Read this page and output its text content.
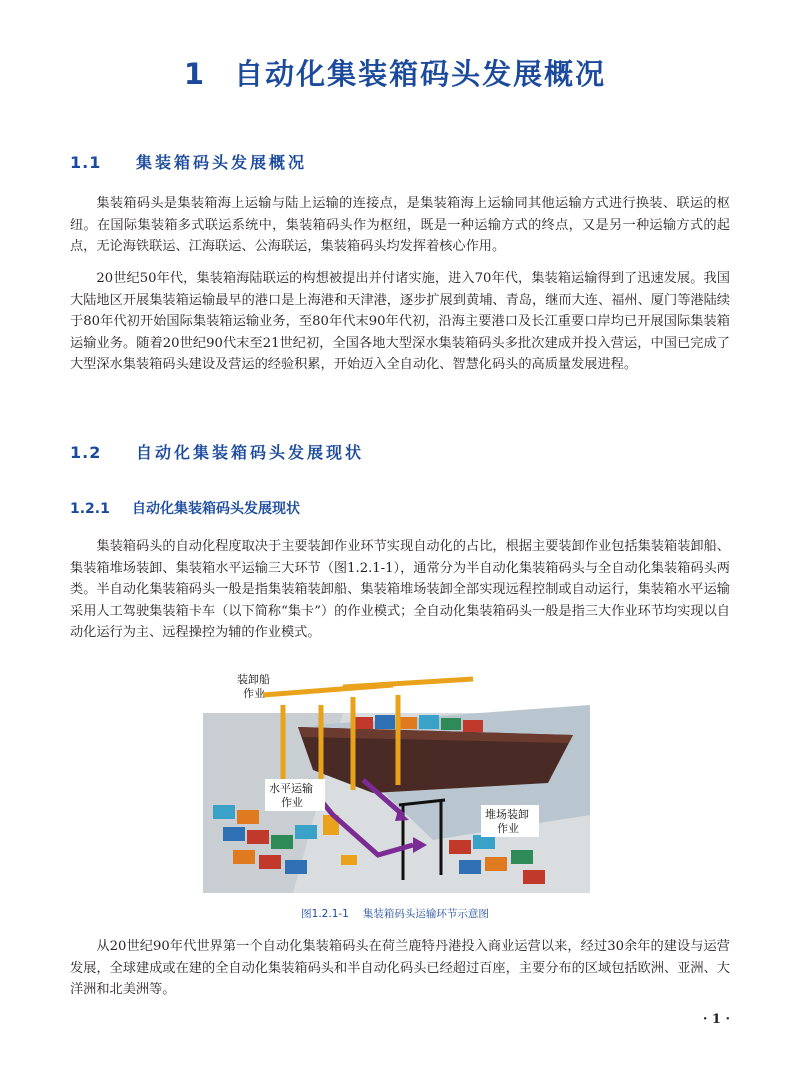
1 自动化集装箱码头发展概况
1.1 集装箱码头发展概况

集装箱码头是集装箱海上运输与陆上运输的连接点，是集装箱海上运输同其他运输方式进行换装、联运的枢纽。在国际集装箱多式联运系统中，集装箱码头作为枢纽，既是一种运输方式的终点，又是另一种运输方式的起点，无论海铁联运、江海联运、公海联运，集装箱码头均发挥着核心作用。

20世纪50年代，集装箱海陆联运的构想被提出并付诸实施，进入70年代，集装箱运输得到了迅速发展。我国大陆地区开展集装箱运输最早的港口是上海港和天津港，逐步扩展到黄埔、青岛，继而大连、福州、厦门等港陆续于80年代初开始国际集装箱运输业务，至80年代末90年代初，沿海主要港口及长江重要口岸均已开展国际集装箱运输业务。随着20世纪90代末至21世纪初，全国各地大型深水集装箱码头多批次建成并投入营运，中国已完成了大型深水集装箱码头建设及营运的经验积累，开始迈入全自动化、智慧化码头的高质量发展进程。

1.2 自动化集装箱码头发展现状
1.2.1 自动化集装箱码头发展现状

集装箱码头的自动化程度取决于主要装卸作业环节实现自动化的占比，根据主要装卸作业包括集装箱装卸船、集装箱堆场装卸、集装箱水平运输三大环节（图1.2.1-1），通常分为半自动化集装箱码头与全自动化集装箱码头两类。半自动化集装箱码头一般是指集装箱装卸船、集装箱堆场装卸全部实现远程控制或自动运行，集装箱水平运输采用人工驾驶集装箱卡车（以下简称“集卡”）的作业模式；全自动化集装箱码头一般是指三大作业环节均实现以自动化运行为主、远程操控为辅的作业模式。

装卸船
作业
水平运输
作业
堆场装卸
作业
图1.2.1-1 集装箱码头运输环节示意图

从20世纪90年代世界第一个自动化集装箱码头在荷兰鹿特丹港投入商业运营以来，经过30余年的建设与运营发展，全球建成或在建的全自动化集装箱码头和半自动化码头已经超过百座，主要分布的区域包括欧洲、亚洲、大洋洲和北美洲等。

· 1 ·
